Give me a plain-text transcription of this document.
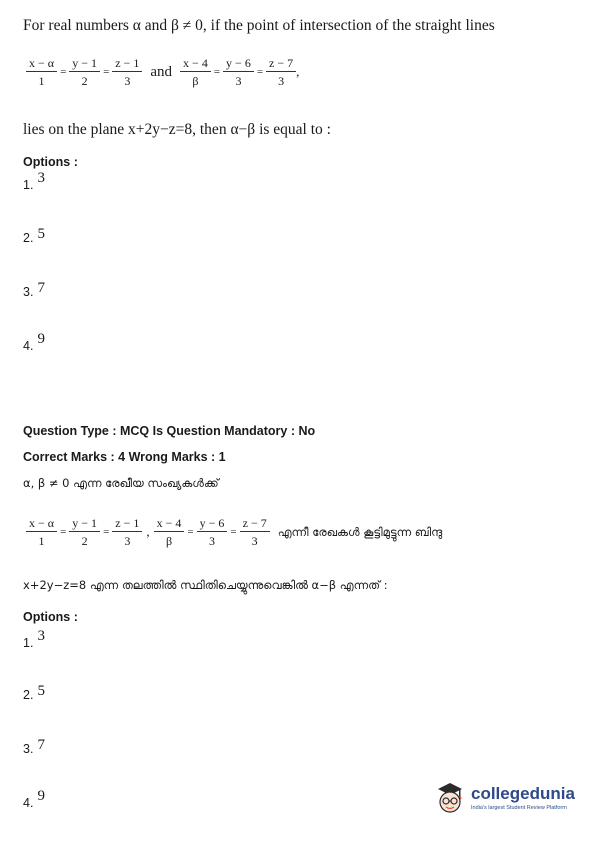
For real numbers α and β ≠ 0, if the point of intersection of the straight lines
$\frac{x - \alpha}{1} = \frac{y - 1}{2} = \frac{z - 1}{3}$ and $\frac{x - 4}{\beta} = \frac{y - 6}{3} = \frac{z - 7}{3}$ ,
lies on the plane x+2y−z=8, then α−β is equal to :
Options :
1. 3
2. 5
3. 7
4. 9
Question Type : MCQ Is Question Mandatory : No
Correct Marks : 4 Wrong Marks : 1
α, β ≠ 0 എന്ന രേഖീയ സംഖ്യകൾക്ക്
$\frac{x - \alpha}{1} = \frac{y - 1}{2} = \frac{z - 1}{3}$ , $\frac{x - 4}{\beta} = \frac{y - 6}{3} = \frac{z - 7}{3}$ എന്നീ രേഖകൾ കൂട്ടിമുട്ടുന്ന ബിന്ദു
x+2y−z=8 എന്ന തലത്തിൽ സ്ഥിതിചെയ്യുന്നുവെങ്കിൽ α−β എന്നത് :
Options :
1. 3
2. 5
3. 7
4. 9	collegedunia
India's largest Student Review Platform
